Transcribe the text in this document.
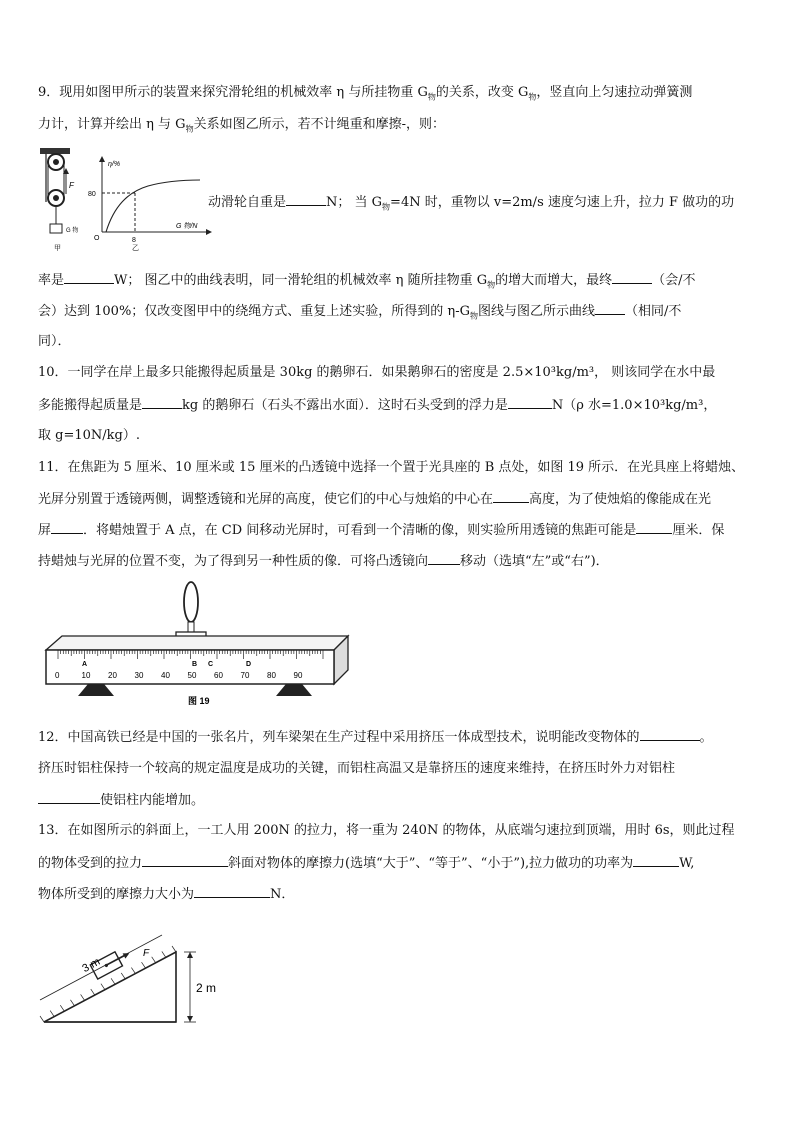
9．现用如图甲所示的装置来探究滑轮组的机械效率 η 与所挂物重 $G_物$的关系，改变 $G_物$，竖直向上匀速拉动弹簧测
力计，计算并绘出 η 与 $G_物$关系如图乙所示，若不计绳重和摩擦-，则：
F
G 物
甲
η/%
80
O	8
G 物/N
乙
动滑轮自重是	N； 当 $G_物=4N$ 时，重物以 v=2m/s 速度匀速上升，拉力 F 做功的功
率是	W； 图乙中的曲线表明，同一滑轮组的机械效率 η 随所挂物重 $G_物$的增大而增大，最终	（会/不
会）达到 100%；仅改变图甲中的绕绳方式、重复上述实验，所得到的 $\eta-G_物$图线与图乙所示曲线 （相同/不
同）．
10．一同学在岸上最多只能搬得起质量是 30kg 的鹅卵石．如果鹅卵石的密度是 2.5×10³kg/m³， 则该同学在水中最
多能搬得起质量是	kg 的鹅卵石（石头不露出水面）．这时石头受到的浮力是	N（ρ 水=1.0×10³kg/m³，
取 g=10N/kg）.
11．在焦距为 5 厘米、10 厘米或 15 厘米的凸透镜中选择一个置于光具座的 B 点处，如图 19 所示．在光具座上将蜡烛、
光屏分别置于透镜两侧，调整透镜和光屏的高度，使它们的中心与烛焰的中心在	高度，为了使烛焰的像能成在光
屏 ．将蜡烛置于 A 点，在 CD 间移动光屏时，可看到一个清晰的像，则实验所用透镜的焦距可能是	厘米．保
持蜡烛与光屏的位置不变，为了得到另一种性质的像．可将凸透镜向 移动（选填“左”或“右”)．
0	10 20 30 40 50 60 70 80 90
A	B C	D
图 19
12．中国高铁已经是中国的一张名片，列车梁架在生产过程中采用挤压一体成型技术，说明能改变物体的	。
挤压时铝柱保持一个较高的规定温度是成功的关键，而铝柱高温又是靠挤压的速度来维持，在挤压时外力对铝柱
使铝柱内能增加。
13．在如图所示的斜面上，一工人用 200N 的拉力，将一重为 240N 的物体，从底端匀速拉到顶端，用时 6s，则此过程
的物体受到的拉力	斜面对物体的摩擦力(选填“大于”、“等于”、“小于”),拉力做功的功率为	W,
物体所受到的摩擦力大小为	N．
F
3 m
2 m
